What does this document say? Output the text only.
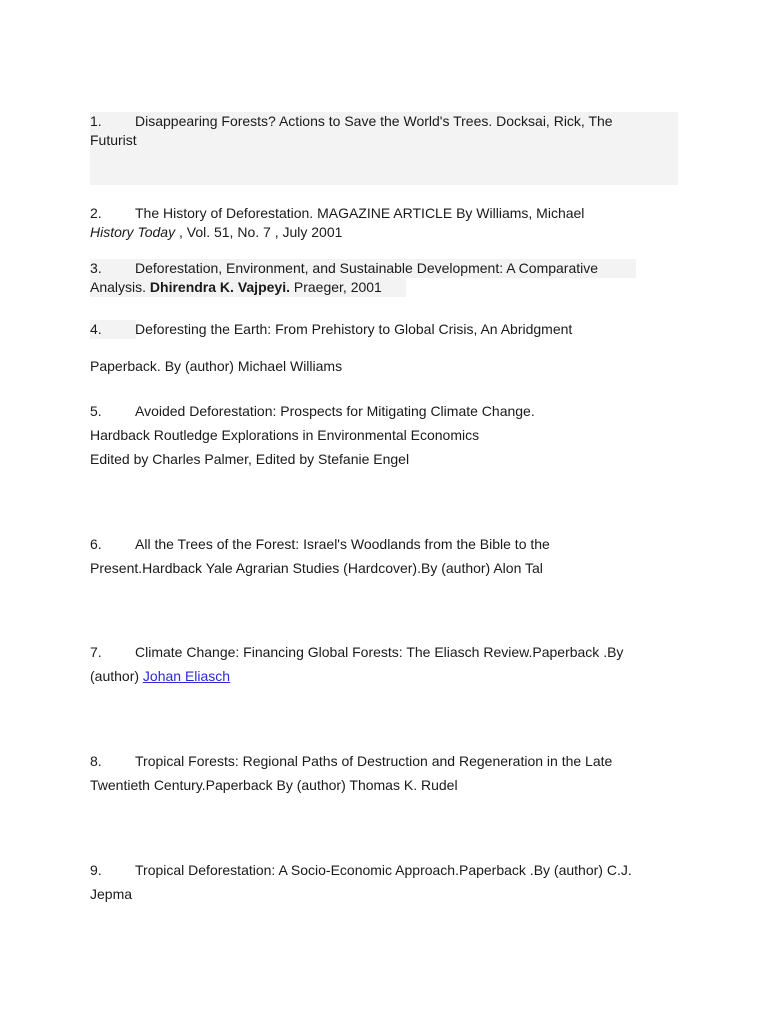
1. Disappearing Forests? Actions to Save the World's Trees. Docksai, Rick, The
Futurist
2. The History of Deforestation. MAGAZINE ARTICLE By Williams, Michael
History Today , Vol. 51, No. 7 , July 2001
3. Deforestation, Environment, and Sustainable Development: A Comparative
Analysis. Dhirendra K. Vajpeyi. Praeger, 2001
4. Deforesting the Earth: From Prehistory to Global Crisis, An Abridgment
Paperback. By (author) Michael Williams
5. Avoided Deforestation: Prospects for Mitigating Climate Change.
Hardback Routledge Explorations in Environmental Economics
Edited by Charles Palmer, Edited by Stefanie Engel
6. All the Trees of the Forest: Israel's Woodlands from the Bible to the
Present.Hardback Yale Agrarian Studies (Hardcover).By (author) Alon Tal
7. Climate Change: Financing Global Forests: The Eliasch Review.Paperback .By
(author) Johan Eliasch
8. Tropical Forests: Regional Paths of Destruction and Regeneration in the Late
Twentieth Century.Paperback By (author) Thomas K. Rudel
9. Tropical Deforestation: A Socio-Economic Approach.Paperback .By (author) C.J.
Jepma
